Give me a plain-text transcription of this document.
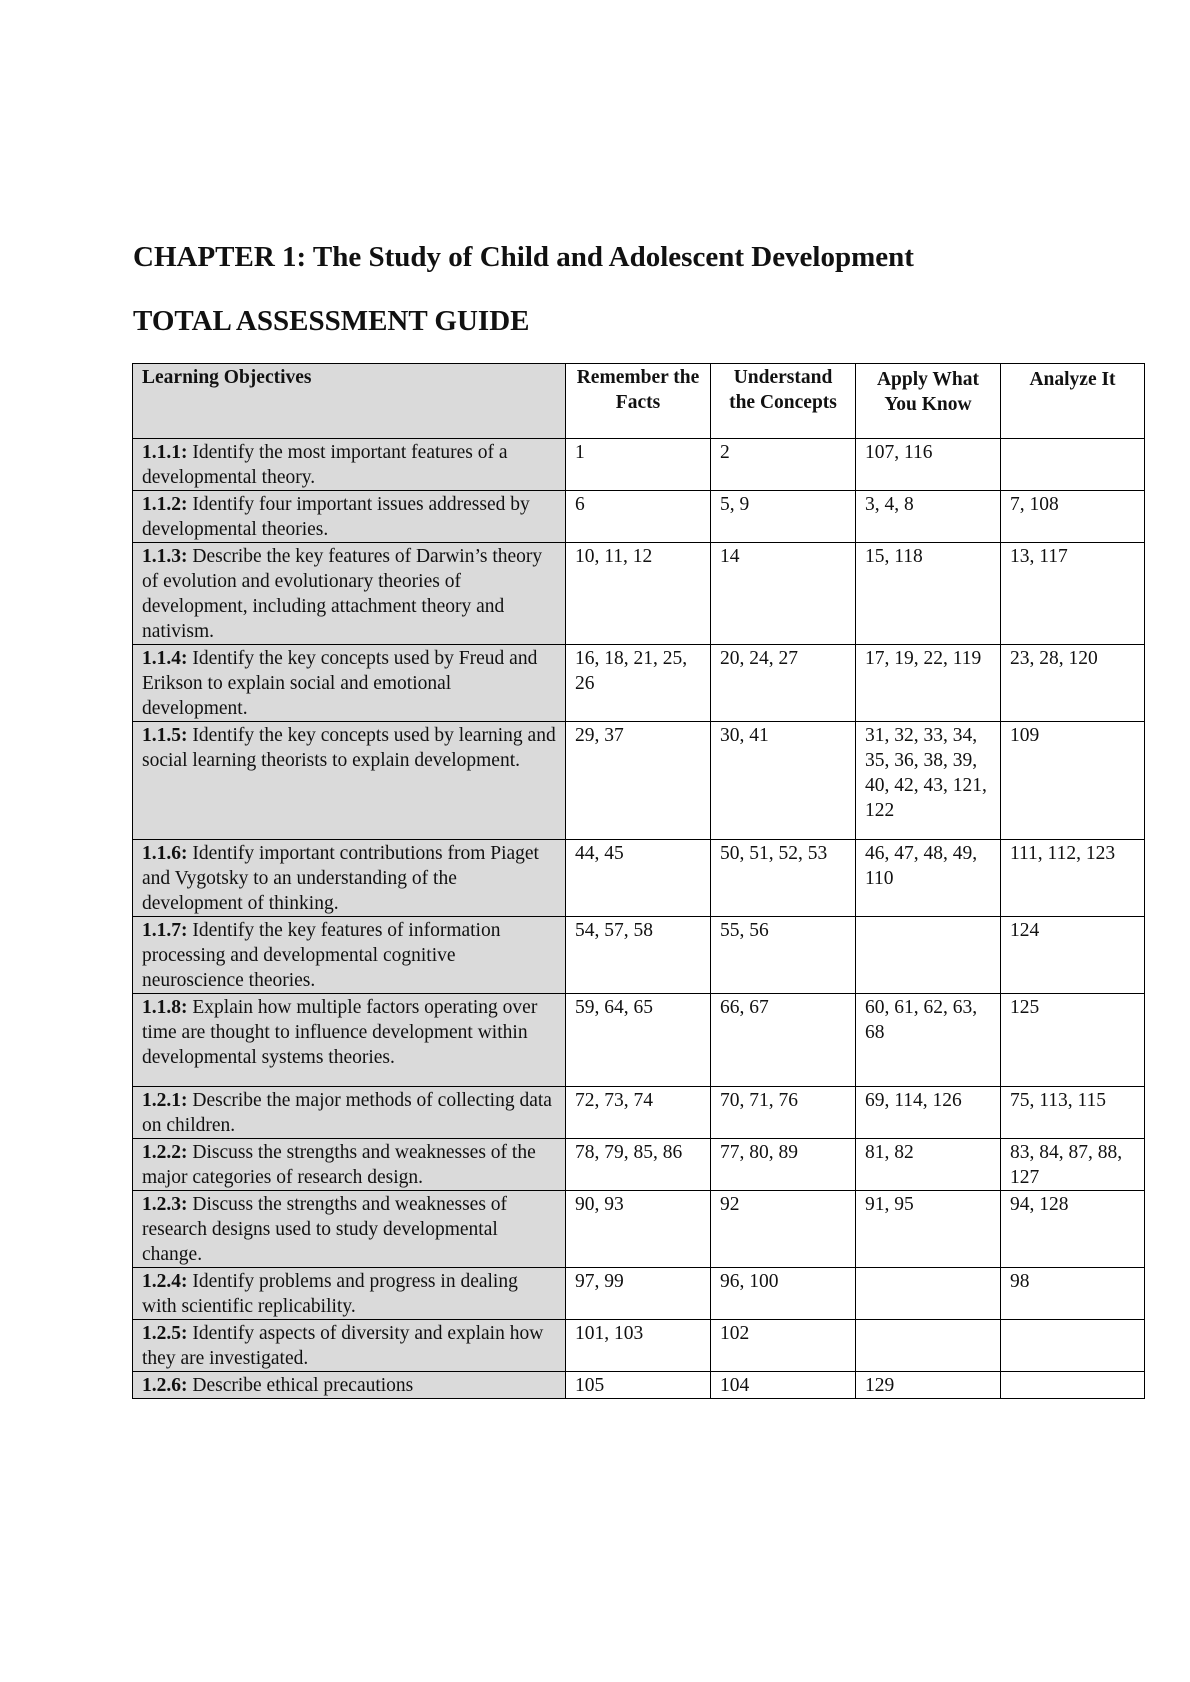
CHAPTER 1: The Study of Child and Adolescent Development
TOTAL ASSESSMENT GUIDE
Learning Objectives	Remember the Facts	Understand the Concepts	Apply What You Know	Analyze It
1.1.1: Identify the most important features of a developmental theory.	1	2	107, 116	
1.1.2: Identify four important issues addressed by developmental theories.	6	5, 9	3, 4, 8	7, 108
1.1.3: Describe the key features of Darwin’s theory of evolution and evolutionary theories of development, including attachment theory and nativism.	10, 11, 12	14	15, 118	13, 117
1.1.4: Identify the key concepts used by Freud and Erikson to explain social and emotional development.	16, 18, 21, 25, 26	20, 24, 27	17, 19, 22, 119	23, 28, 120
1.1.5: Identify the key concepts used by learning and social learning theorists to explain development.	29, 37	30, 41	31, 32, 33, 34, 35, 36, 38, 39, 40, 42, 43, 121, 122	109
1.1.6: Identify important contributions from Piaget and Vygotsky to an understanding of the development of thinking.	44, 45	50, 51, 52, 53	46, 47, 48, 49, 110	111, 112, 123
1.1.7: Identify the key features of information processing and developmental cognitive neuroscience theories.	54, 57, 58	55, 56		124
1.1.8: Explain how multiple factors operating over time are thought to influence development within developmental systems theories.	59, 64, 65	66, 67	60, 61, 62, 63, 68	125
1.2.1: Describe the major methods of collecting data on children.	72, 73, 74	70, 71, 76	69, 114, 126	75, 113, 115
1.2.2: Discuss the strengths and weaknesses of the major categories of research design.	78, 79, 85, 86	77, 80, 89	81, 82	83, 84, 87, 88, 127
1.2.3: Discuss the strengths and weaknesses of research designs used to study developmental change.	90, 93	92	91, 95	94, 128
1.2.4: Identify problems and progress in dealing with scientific replicability.	97, 99	96, 100		98
1.2.5: Identify aspects of diversity and explain how they are investigated.	101, 103	102		
1.2.6: Describe ethical precautions	105	104	129	
